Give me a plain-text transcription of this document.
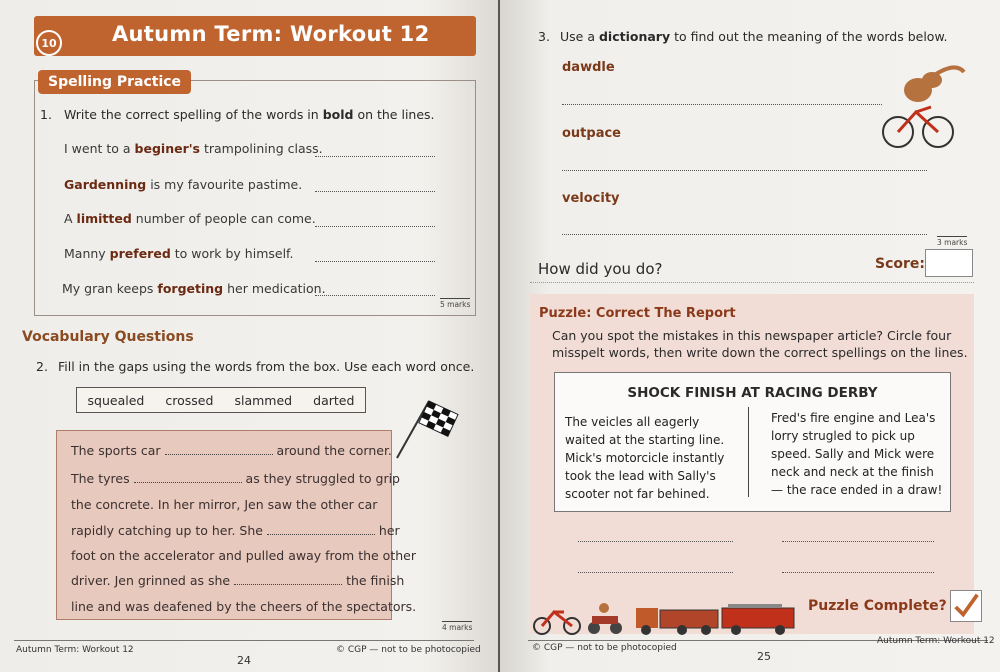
10	Autumn Term: Workout 12
Spelling Practice
1. Write the correct spelling of the words in bold on the lines.
I went to a beginer's trampolining class.
Gardenning is my favourite pastime.
A limitted number of people can come.
Manny prefered to work by himself.
My gran keeps forgeting her medication.
5 marks
Vocabulary Questions
2. Fill in the gaps using the words from the box. Use each word once.
squealed crossed slammed darted
The sports car	around the corner.
The tyres	as they struggled to grip
the concrete. In her mirror, Jen saw the other car
rapidly catching up to her. She	her
foot on the accelerator and pulled away from the other
driver. Jen grinned as she	the finish
line and was deafened by the cheers of the spectators.
4 marks
Autumn Term: Workout 12
24
© CGP — not to be photocopied
3. Use a dictionary to find out the meaning of the words below.
dawdle
outpace
velocity
3 marks
How did you do?	Score:
Puzzle: Correct The Report
Can you spot the mistakes in this newspaper article? Circle four
misspelt words, then write down the correct spellings on the lines.
SHOCK FINISH AT RACING DERBY
The veicles all eagerly
waited at the starting line.
Mick's motorcicle instantly
took the lead with Sally's
scooter not far behined.
Fred's fire engine and Lea's
lorry strugled to pick up
speed. Sally and Mick were
neck and neck at the finish
— the race ended in a draw!
Puzzle Complete?
© CGP — not to be photocopied
25
Autumn Term: Workout 12
